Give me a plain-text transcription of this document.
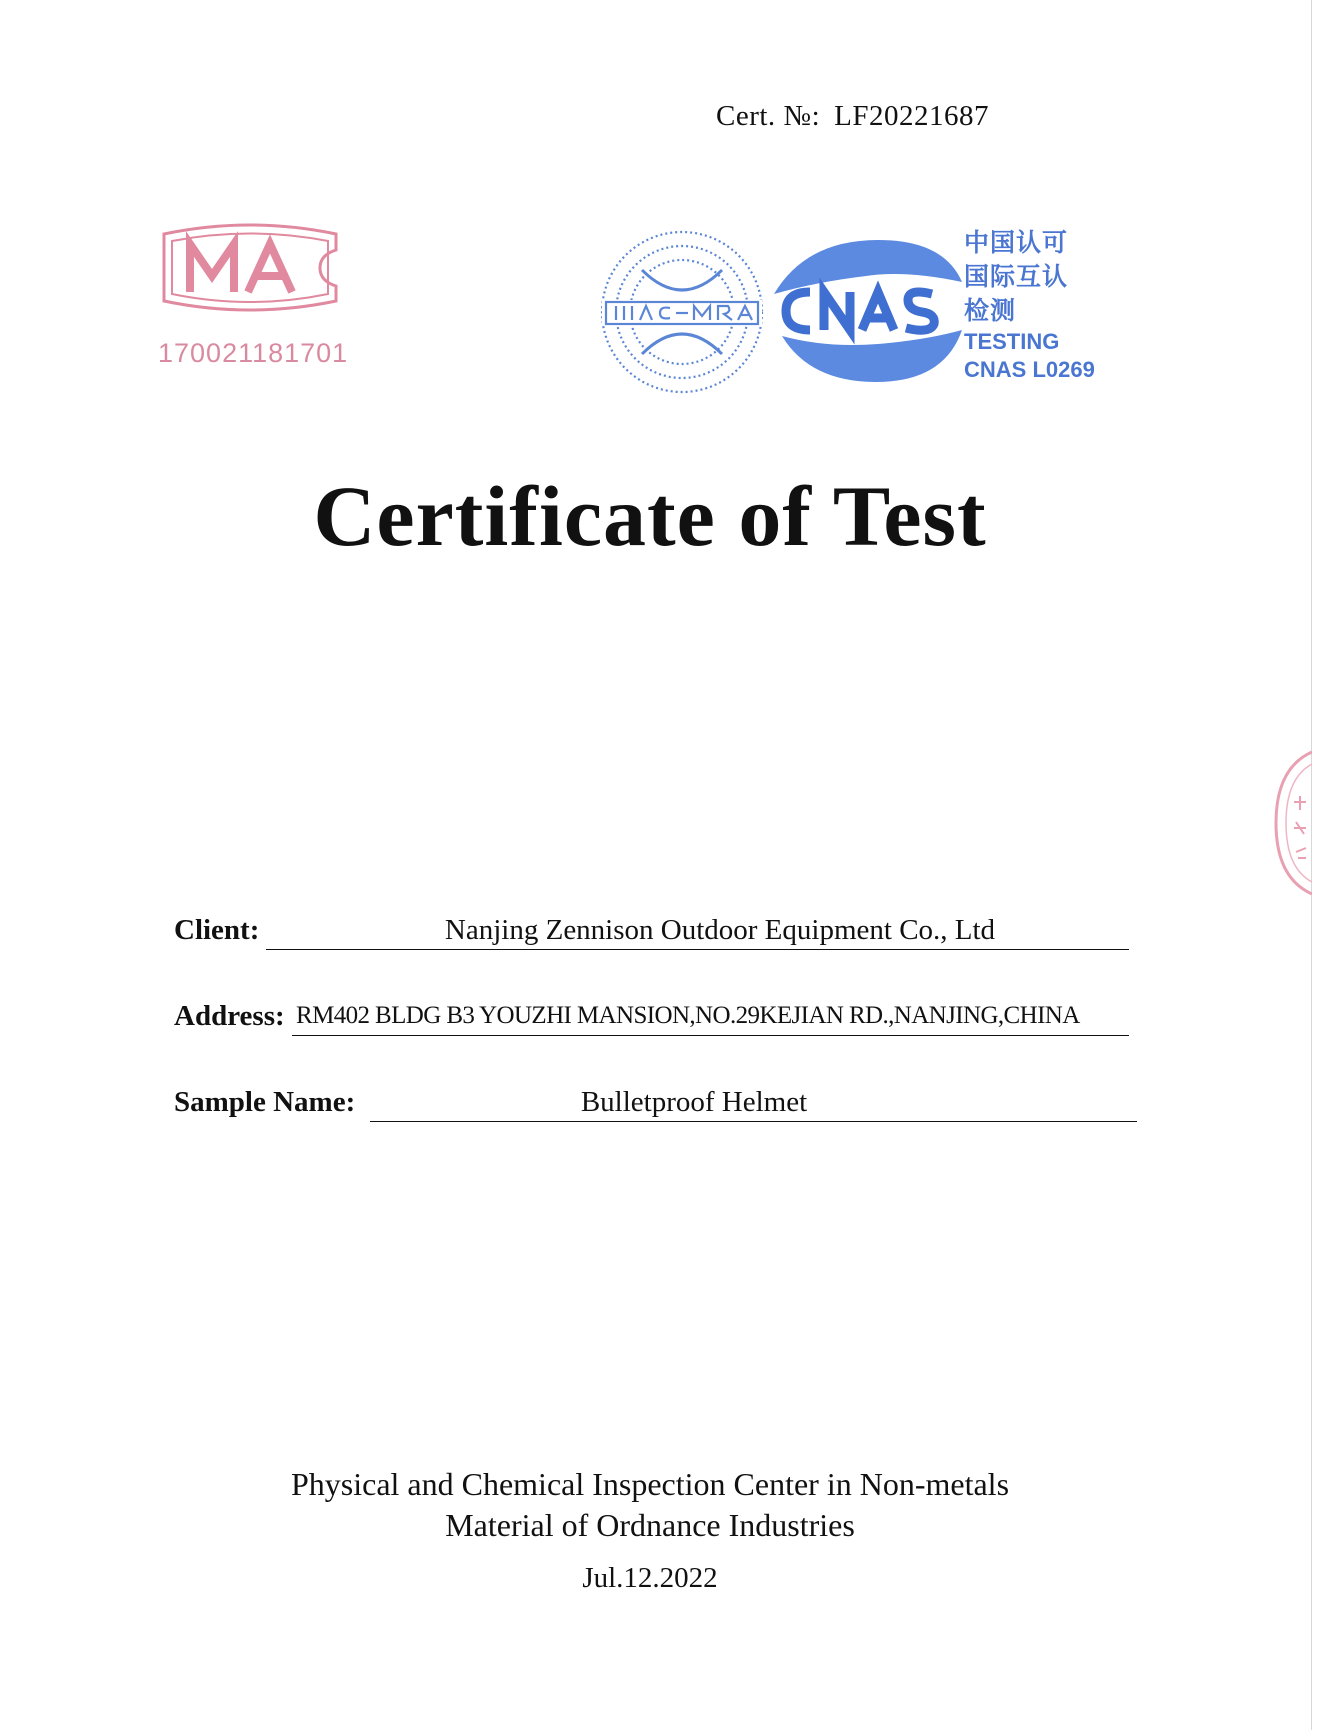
Cert. №: LF20221687
170021181701
中国认可
国际互认
检测
TESTING
CNAS L0269
Certificate of Test
Client:	Nanjing Zennison Outdoor Equipment Co., Ltd
Address: RM402 BLDG B3 YOUZHI MANSION,NO.29KEJIAN RD.,NANJING,CHINA
Sample Name:	Bulletproof Helmet
Physical and Chemical Inspection Center in Non-metals
Material of Ordnance Industries
Jul.12.2022
